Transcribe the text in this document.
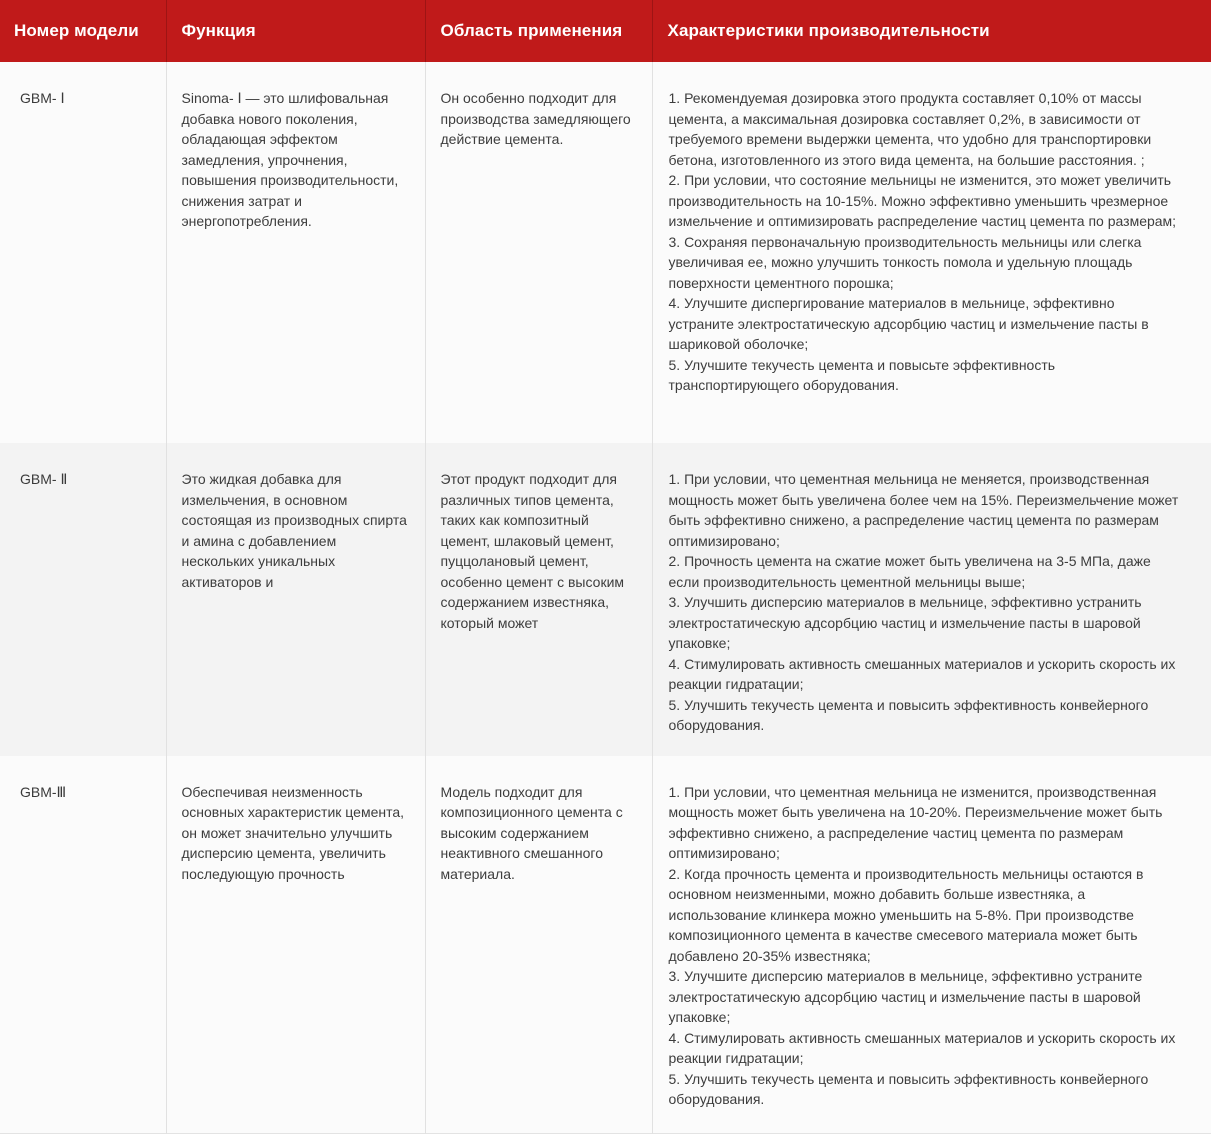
Номер модели	Функция	Область применения	Характеристики производительности
GBM- Ⅰ	Sinoma- Ⅰ — это шлифовальная добавка нового поколения, обладающая эффектом замедления, упрочнения, повышения производительности, снижения затрат и энергопотребления.	Он особенно подходит для производства замедляющего действие цемента.	1. Рекомендуемая дозировка этого продукта составляет 0,10% от массы цемента, а максимальная дозировка составляет 0,2%, в зависимости от требуемого времени выдержки цемента, что удобно для транспортировки бетона, изготовленного из этого вида цемента, на большие расстояния. ;
2. При условии, что состояние мельницы не изменится, это может увеличить производительность на 10-15%. Можно эффективно уменьшить чрезмерное измельчение и оптимизировать распределение частиц цемента по размерам;
3. Сохраняя первоначальную производительность мельницы или слегка увеличивая ее, можно улучшить тонкость помола и удельную площадь поверхности цементного порошка;
4. Улучшите диспергирование материалов в мельнице, эффективно устраните электростатическую адсорбцию частиц и измельчение пасты в шариковой оболочке;
5. Улучшите текучесть цемента и повысьте эффективность транспортирующего оборудования.
GBM- Ⅱ	Это жидкая добавка для измельчения, в основном состоящая из производных спирта и амина с добавлением нескольких уникальных активаторов и	Этот продукт подходит для различных типов цемента, таких как композитный цемент, шлаковый цемент, пуццолановый цемент, особенно цемент с высоким содержанием известняка, который может	1. При условии, что цементная мельница не меняется, производственная мощность может быть увеличена более чем на 15%. Переизмельчение может быть эффективно снижено, а распределение частиц цемента по размерам оптимизировано;
2. Прочность цемента на сжатие может быть увеличена на 3-5 МПа, даже если производительность цементной мельницы выше;
3. Улучшить дисперсию материалов в мельнице, эффективно устранить электростатическую адсорбцию частиц и измельчение пасты в шаровой упаковке;
4. Стимулировать активность смешанных материалов и ускорить скорость их реакции гидратации;
5. Улучшить текучесть цемента и повысить эффективность конвейерного оборудования.
GBM-Ⅲ	Обеспечивая неизменность основных характеристик цемента, он может значительно улучшить дисперсию цемента, увеличить последующую прочность	Модель подходит для композиционного цемента с высоким содержанием неактивного смешанного материала.	1. При условии, что цементная мельница не изменится, производственная мощность может быть увеличена на 10-20%. Переизмельчение может быть эффективно снижено, а распределение частиц цемента по размерам оптимизировано;
2. Когда прочность цемента и производительность мельницы остаются в основном неизменными, можно добавить больше известняка, а использование клинкера можно уменьшить на 5-8%. При производстве композиционного цемента в качестве смесевого материала может быть добавлено 20-35% известняка;
3. Улучшите дисперсию материалов в мельнице, эффективно устраните электростатическую адсорбцию частиц и измельчение пасты в шаровой упаковке;
4. Стимулировать активность смешанных материалов и ускорить скорость их реакции гидратации;
5. Улучшить текучесть цемента и повысить эффективность конвейерного оборудования.
